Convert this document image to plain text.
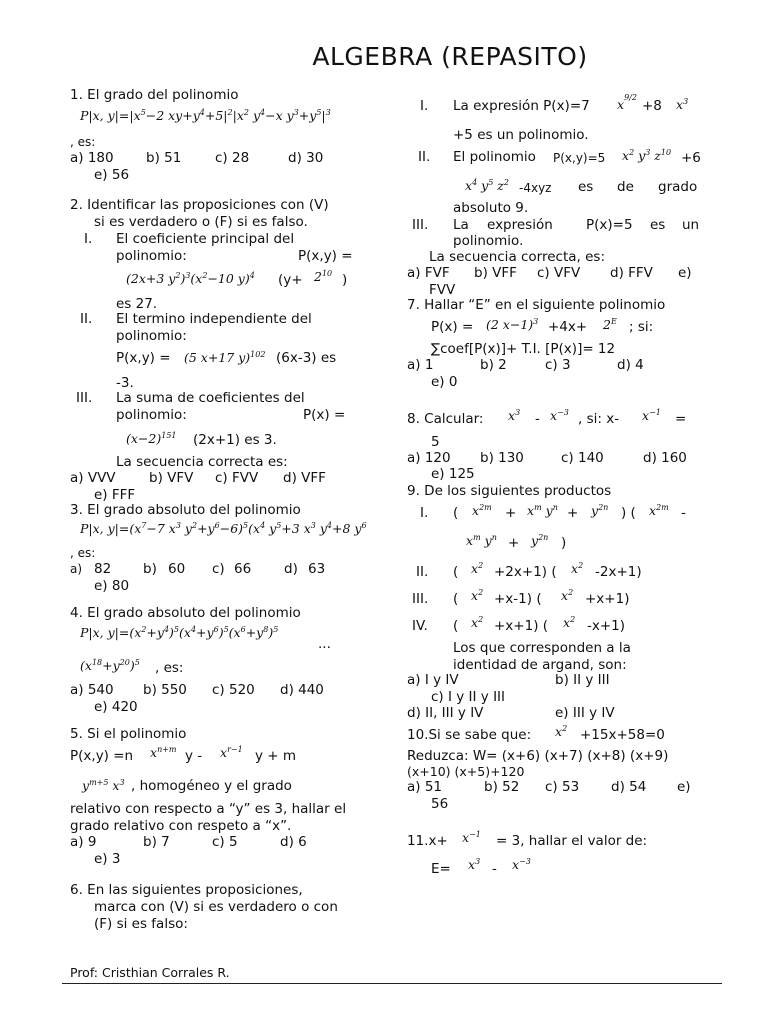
ALGEBRA (REPASITO)
1. El grado del polinomio
P|x, $y|=|x^5-2$ $xy+y^4+5|^2|x^2$ $y^4-x$ $y^3+y^5|^3$
, es:
a) 180 b) 51 c) 28	d) 30
e) 56
2. Identificar las proposiciones con (V)
si es verdadero o (F) si es falso.
I. El coeficiente principal del
polinomio:	P(x,y) =
(2x+3 $y^2)^3(x^2-10$ y)$^4$ ($y+ 2^{10}$ )
es 27.
II. El termino independiente del
polinomio:
P(x,y) = (5 x+17 y)$^{102}$ (6x-3) es
-3.
III. La suma de coeficientes del
polinomio:	P(x) =
$(x-2)^{151}$ (2x+1) es 3.
La secuencia correcta es:
a) VVV b) VFV c) FVV d) VFF
e) FFF
3. El grado absoluto del polinomio
P|x, $y|=(x^7-7$ $x^3$ $y^2+y^6-6)^5(x^4$ $y^5+3$ $x^3$ $y^4+8$ $y^6$
, es:
a) 82 b) 60 c) 66 d) 63
e) 80
4. El grado absoluto del polinomio
P|x, $y|=(x^2+y^4)^5(x^4+y^6)^5(x^6+y^8)^5$
...
$(x^{18}+y^{20})^5$ , es:
a) 540 b) 550 c) 520 d) 440
e) 420
5. Si el polinomio
P(x,y) =n $x^{n+m}$ y - $x^{r-1}$ y + m
$y^{m+5}$ $x^3$ , homogéneo y el grado
relativo con respecto a “y” es 3, hallar el
grado relativo con respeto a “x”.
a) 9	b) 7	c) 5	d) 6
e) 3
6. En las siguientes proposiciones,
marca con (V) si es verdadero o con
(F) si es falso:
Prof: Cristhian Corrales R.
I. La expresión P(x)=7 $x^{9/2}$
+8 $x^3$
+5 es un polinomio.
II. El polinomio P(x,y)=5 $x^2$ $y^3$ $z^{10} +6$
$x^4$ $y^5$ $z^2$ -4xyz es de grado
absoluto 9.
III. La expresión P(x)=5 es un
polinomio.
La secuencia correcta, es:
a) FVF b) VFF c) VFV d) FFV e)
FVV
7. Hallar “E” en el siguiente polinomio
P(x) = (2 $x-1)^3 +4x+ 2^E$ ; si:
∑coef[P(x)]+ T.I. [P(x)]= 12
a) 1	b) 2	c) 3	d) 4
e) 0
8. Calcular: $x^3 - x^{-3}$ , si: x- $x^{-1}$ =
5
a) 120 b) 130	c) 140	d) 160
e) 125
9. De los siguientes productos
I. ( $x^{2m} + x^m$ $y^n + y^{2n}$ ) ( $x^{2m}$ -
$x^m$ $y^n + y^{2n}$ )
II. ( $x^2 +2x+1$) ( $x^2$ -2x+1)
III. ( $x^2 +x-1$) ( $x^2 +x+1$)
IV. ( $x^2 +x+1$) ( $x^2$ -x+1)
Los que corresponden a la
identidad de argand, son:
a) I y IV	b) II y III
c) I y II y III
d) II, III y IV	e) III y IV
10.Si se sabe que: $x^2 +15x+58=0$
Reduzca: W= (x+6) (x+7) (x+8) (x+9)
(x+10) (x+5)+120
a) 51	b) 52 c) 53 d) 54 e)
56
$11.x+ x^{-1} = 3$, hallar el valor de:
$E= x^3 - x^{-3}$
